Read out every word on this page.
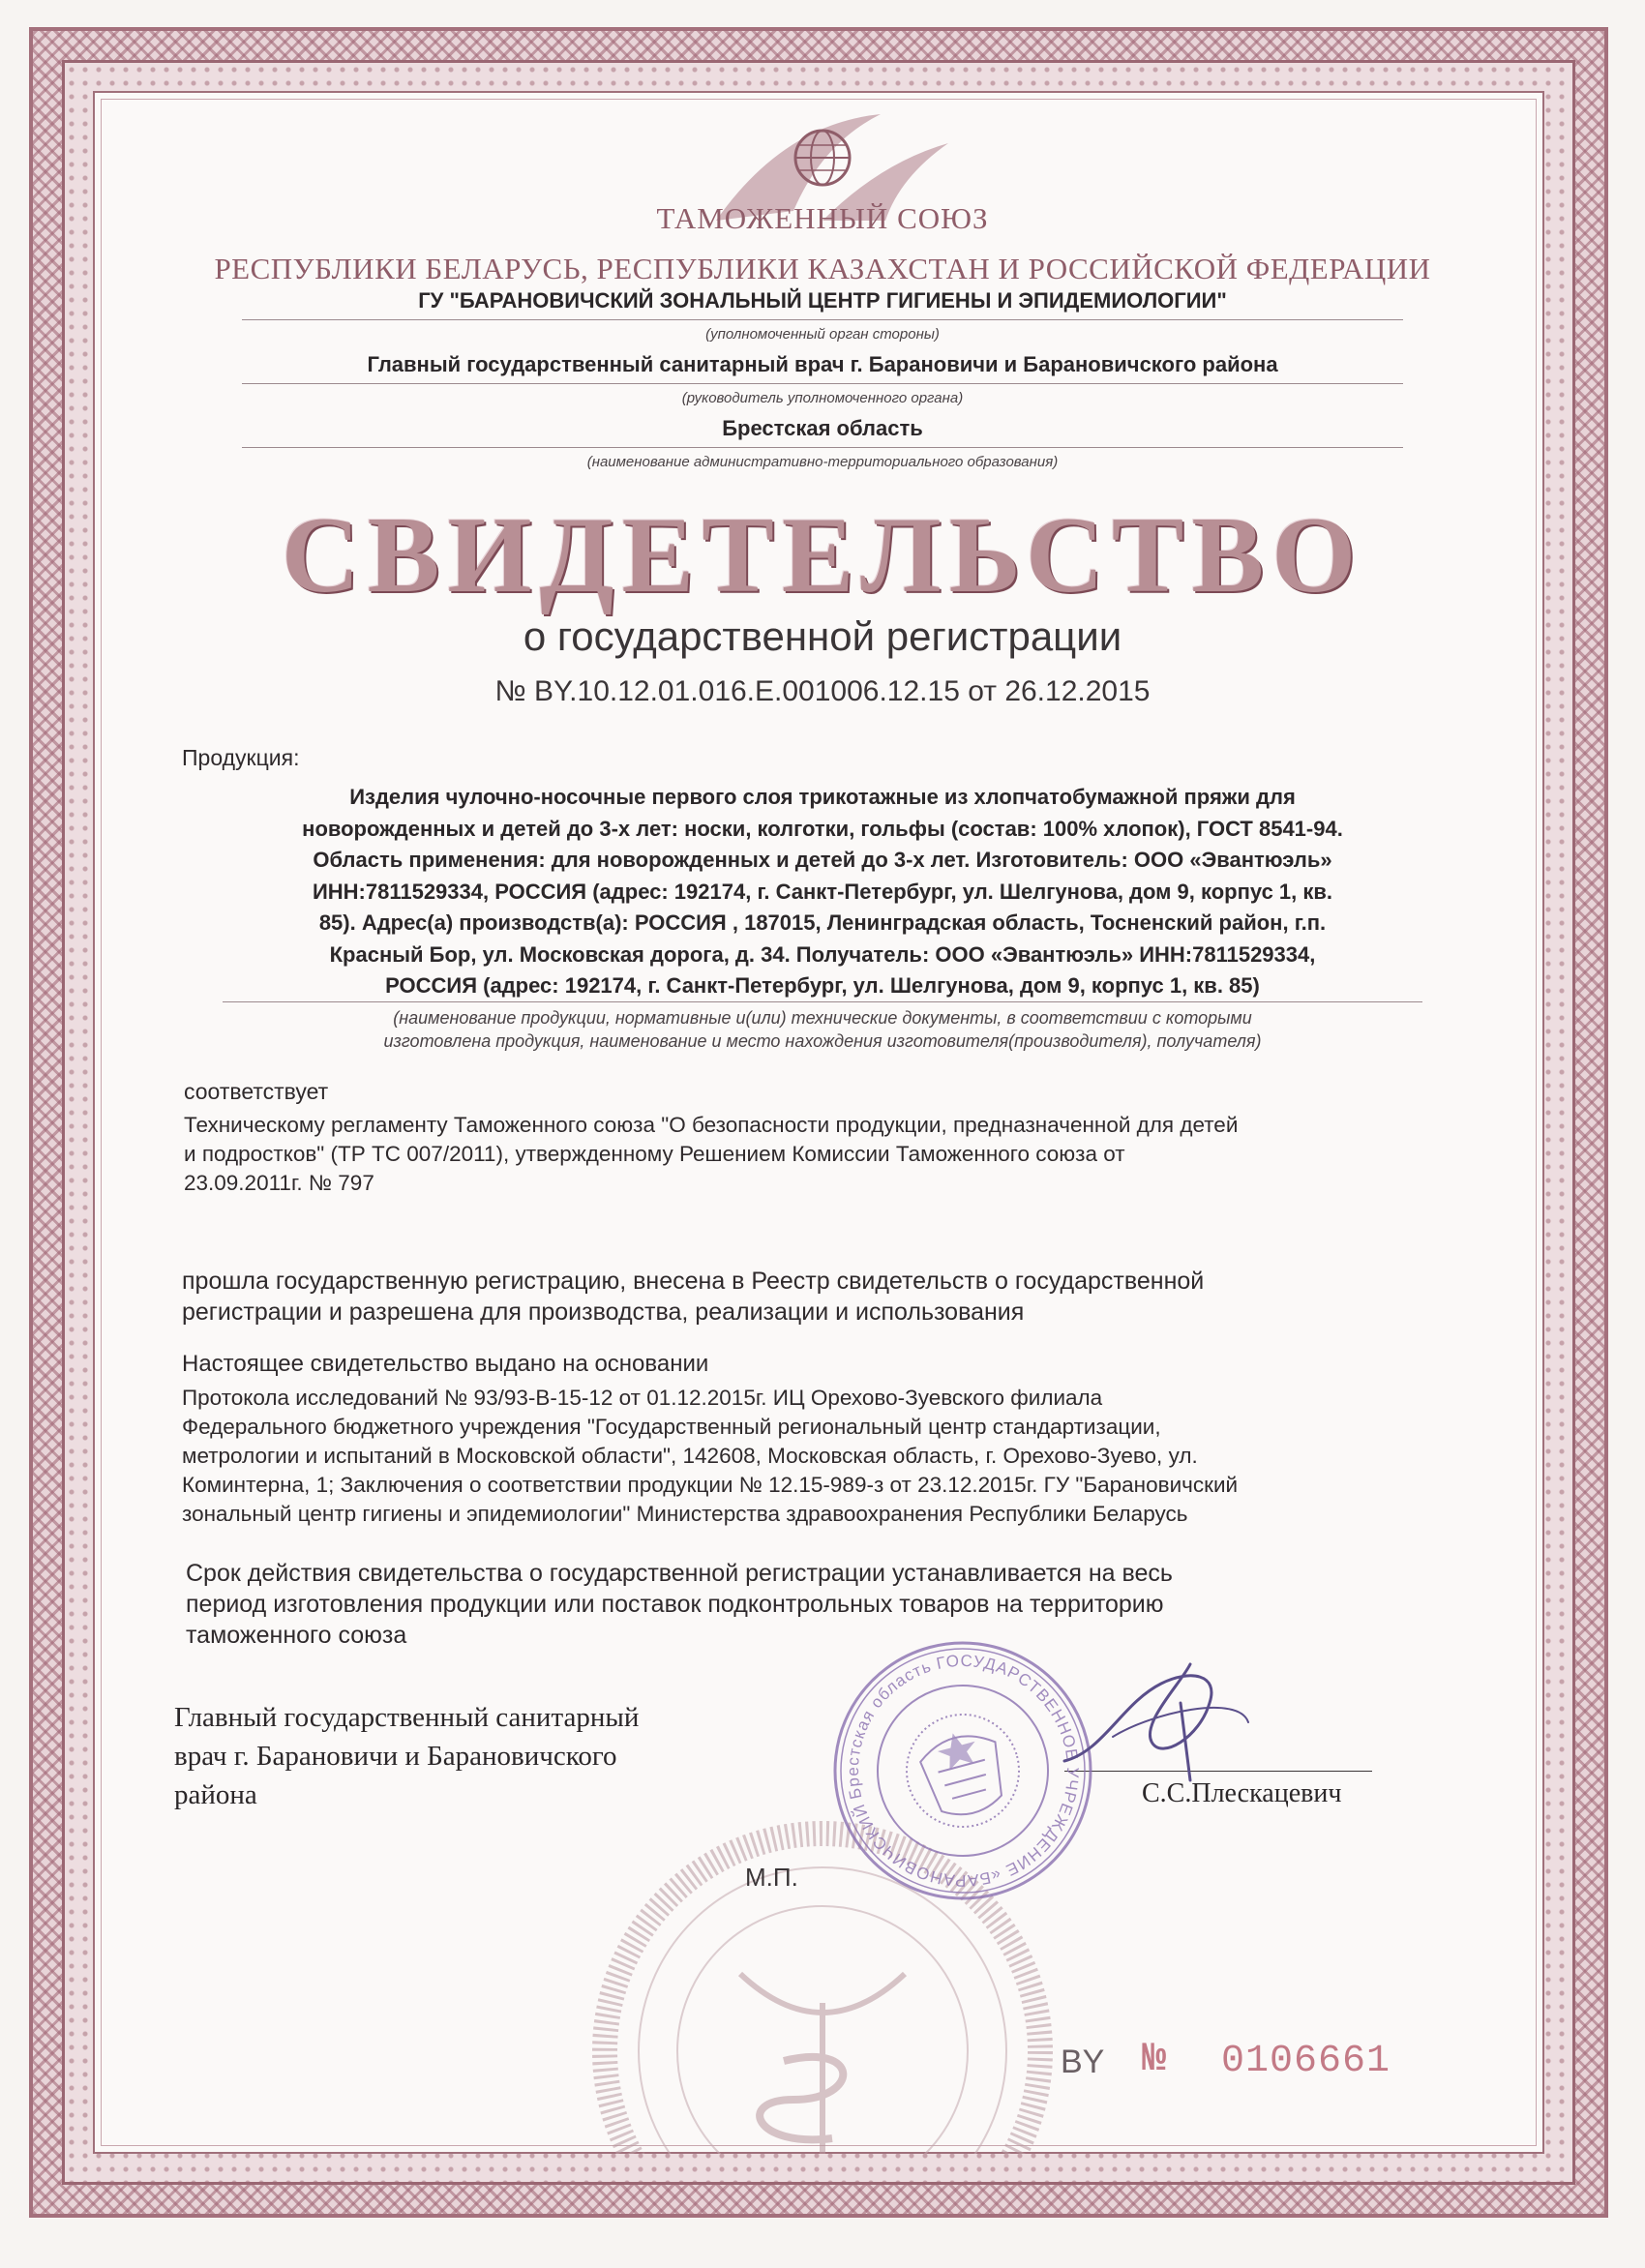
ТАМОЖЕННЫЙ СОЮЗ
РЕСПУБЛИКИ БЕЛАРУСЬ, РЕСПУБЛИКИ КАЗАХСТАН И РОССИЙСКОЙ ФЕДЕРАЦИИ
ГУ "БАРАНОВИЧСКИЙ ЗОНАЛЬНЫЙ ЦЕНТР ГИГИЕНЫ И ЭПИДЕМИОЛОГИИ"
(уполномоченный орган стороны)
Главный государственный санитарный врач г. Барановичи и Барановичского района
(руководитель уполномоченного органа)
Брестская область
(наименование административно-территориального образования)
СВИДЕТЕЛЬСТВО
о государственной регистрации
№ BY.10.12.01.016.E.001006.12.15 от 26.12.2015
Продукция:
Изделия чулочно-носочные первого слоя трикотажные из хлопчатобумажной пряжи для
новорожденных и детей до 3-х лет: носки, колготки, гольфы (состав: 100% хлопок), ГОСТ 8541-94.
Область применения: для новорожденных и детей до 3-х лет. Изготовитель: ООО «Эвантюэль»
ИНН:7811529334, РОССИЯ (адрес: 192174, г. Санкт-Петербург, ул. Шелгунова, дом 9, корпус 1, кв.
85). Адрес(а) производств(а): РОССИЯ , 187015, Ленинградская область, Тосненский район, г.п.
Красный Бор, ул. Московская дорога, д. 34. Получатель: ООО «Эвантюэль» ИНН:7811529334,
РОССИЯ (адрес: 192174, г. Санкт-Петербург, ул. Шелгунова, дом 9, корпус 1, кв. 85)
(наименование продукции, нормативные и(или) технические документы, в соответствии с которыми
изготовлена продукция, наименование и место нахождения изготовителя(производителя), получателя)
соответствует
Техническому регламенту Таможенного союза "О безопасности продукции, предназначенной для детей
и подростков" (ТР ТС 007/2011), утвержденному Решением Комиссии Таможенного союза от
23.09.2011г. № 797
прошла государственную регистрацию, внесена в Реестр свидетельств о государственной
регистрации и разрешена для производства, реализации и использования
Настоящее свидетельство выдано на основании
Протокола исследований № 93/93-В-15-12 от 01.12.2015г. ИЦ Орехово-Зуевского филиала
Федерального бюджетного учреждения "Государственный региональный центр стандартизации,
метрологии и испытаний в Московской области", 142608, Московская область, г. Орехово-Зуево, ул.
Коминтерна, 1; Заключения о соответствии продукции № 12.15-989-з от 23.12.2015г. ГУ "Барановичский
зональный центр гигиены и эпидемиологии" Министерства здравоохранения Республики Беларусь
Срок действия свидетельства о государственной регистрации устанавливается на весь
период изготовления продукции или поставок подконтрольных товаров на территорию
таможенного союза
Главный государственный санитарный
врач г. Барановичи и Барановичского
района	С.С.Плескацевич
М.П.
Брестская область ГОСУДАРСТВЕННОЕ УЧРЕЖДЕНИЕ «БАРАНОВИЧСКИЙ
BY № 0106661
